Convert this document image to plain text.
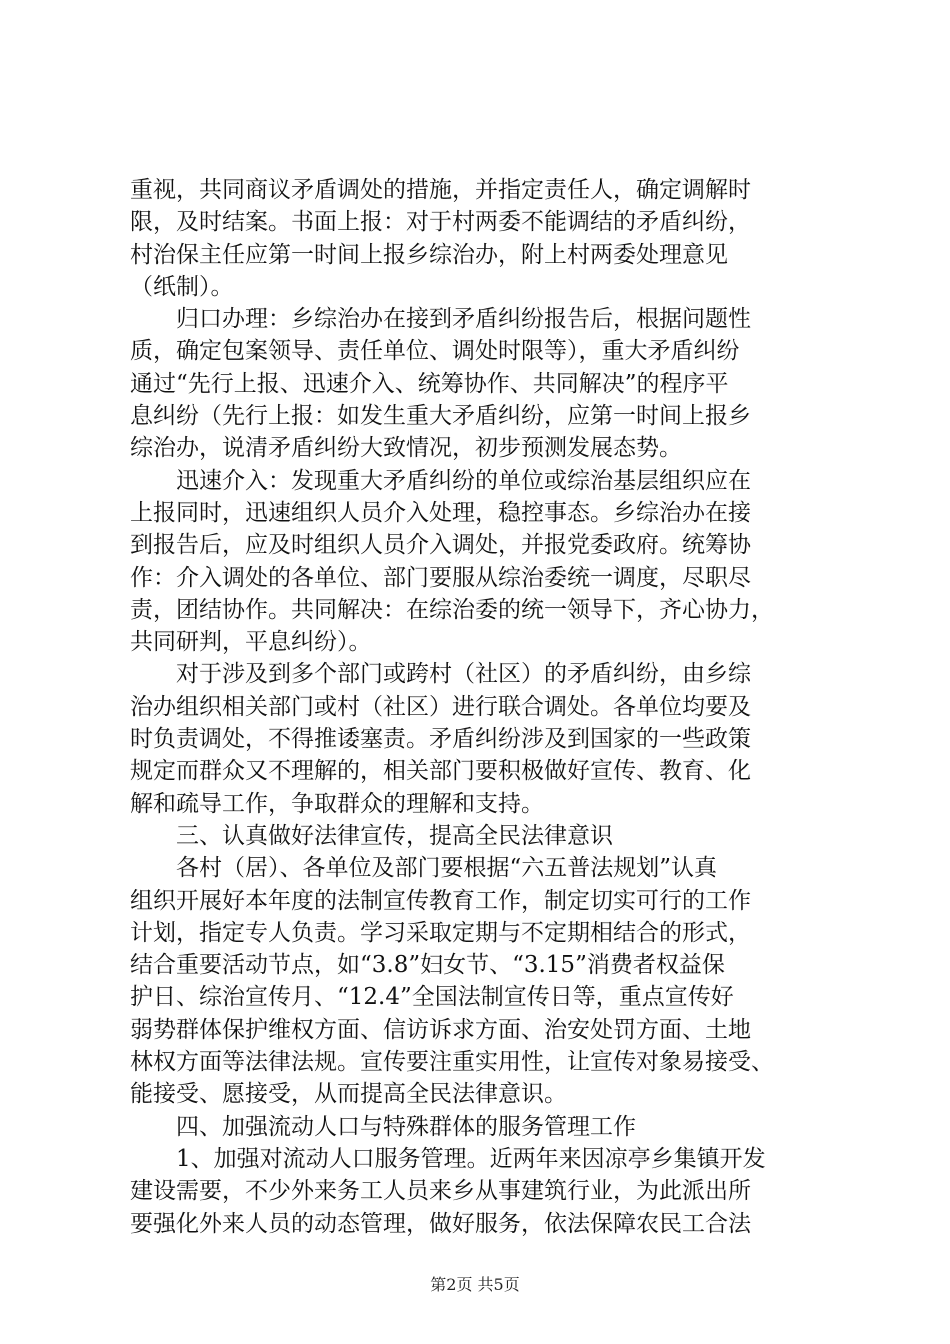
重视，共同商议矛盾调处的措施，并指定责任人，确定调解时
限，及时结案。书面上报：对于村两委不能调结的矛盾纠纷，
村治保主任应第一时间上报乡综治办，附上村两委处理意见
（纸制）。
归口办理：乡综治办在接到矛盾纠纷报告后，根据问题性
质，确定包案领导、责任单位、调处时限等），重大矛盾纠纷
通过“先行上报、迅速介入、统筹协作、共同解决”的程序平
息纠纷（先行上报：如发生重大矛盾纠纷，应第一时间上报乡
综治办，说清矛盾纠纷大致情况，初步预测发展态势。
迅速介入：发现重大矛盾纠纷的单位或综治基层组织应在
上报同时，迅速组织人员介入处理，稳控事态。乡综治办在接
到报告后，应及时组织人员介入调处，并报党委政府。统筹协
作：介入调处的各单位、部门要服从综治委统一调度，尽职尽
责，团结协作。共同解决：在综治委的统一领导下，齐心协力，
共同研判，平息纠纷）。
对于涉及到多个部门或跨村（社区）的矛盾纠纷，由乡综
治办组织相关部门或村（社区）进行联合调处。各单位均要及
时负责调处，不得推诿塞责。矛盾纠纷涉及到国家的一些政策
规定而群众又不理解的，相关部门要积极做好宣传、教育、化
解和疏导工作，争取群众的理解和支持。
三、认真做好法律宣传，提高全民法律意识
各村（居）、各单位及部门要根据“六五普法规划”认真
组织开展好本年度的法制宣传教育工作，制定切实可行的工作
计划，指定专人负责。学习采取定期与不定期相结合的形式，
结合重要活动节点，如“3.8”妇女节、“3.15”消费者权益保
护日、综治宣传月、“12.4”全国法制宣传日等，重点宣传好
弱势群体保护维权方面、信访诉求方面、治安处罚方面、土地
林权方面等法律法规。宣传要注重实用性，让宣传对象易接受、
能接受、愿接受，从而提高全民法律意识。
四、加强流动人口与特殊群体的服务管理工作
1、加强对流动人口服务管理。近两年来因凉亭乡集镇开发
建设需要，不少外来务工人员来乡从事建筑行业，为此派出所
要强化外来人员的动态管理，做好服务，依法保障农民工合法
第2页 共5页
